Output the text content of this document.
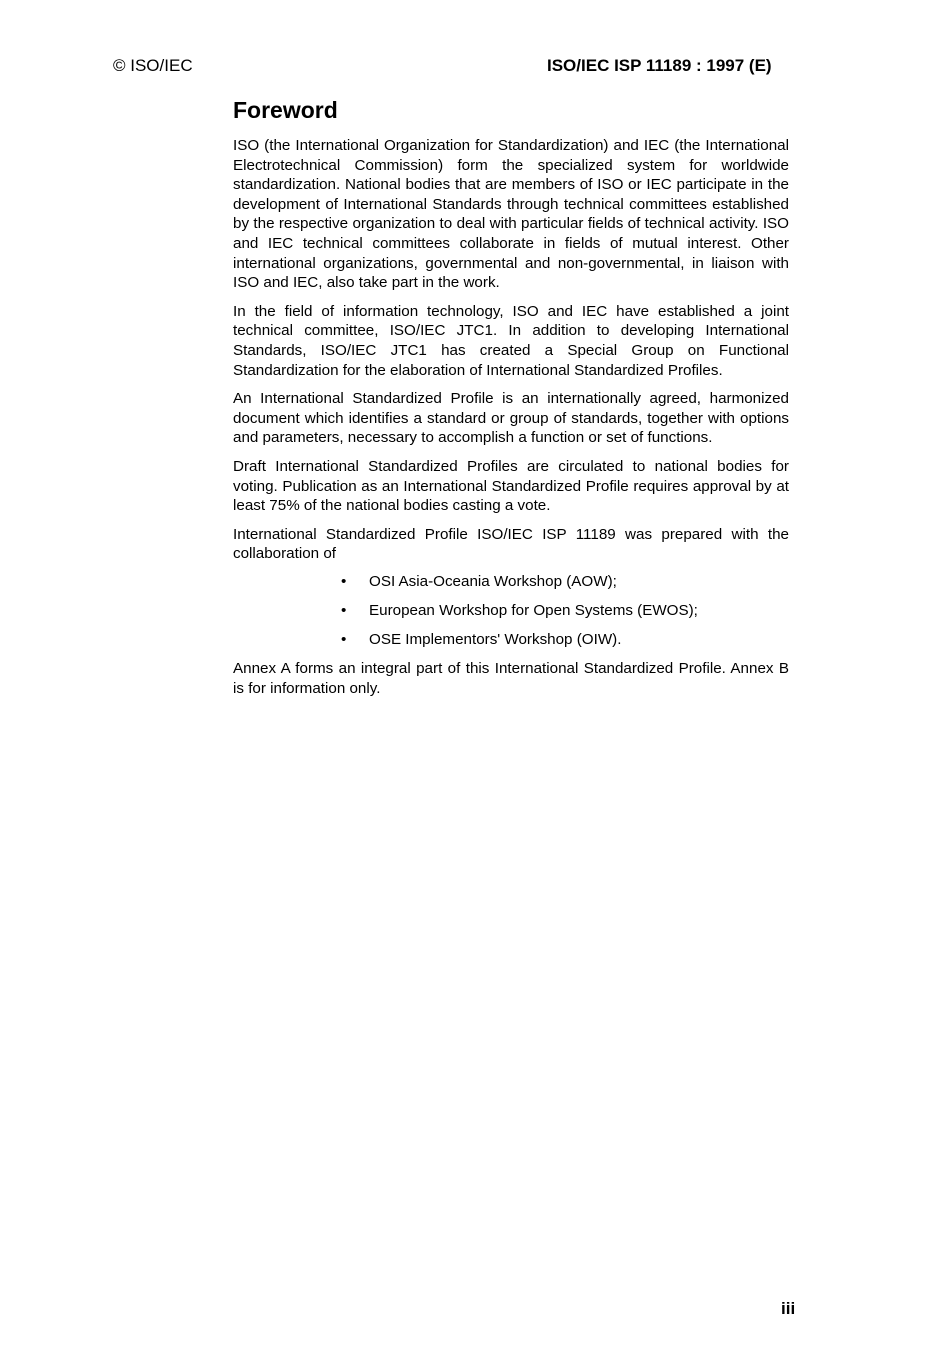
© ISO/IEC	ISO/IEC ISP 11189 : 1997 (E)
Foreword

ISO (the International Organization for Standardization) and IEC (the International Electrotechnical Commission) form the specialized system for worldwide standardization. National bodies that are members of ISO or IEC participate in the development of International Standards through technical committees established by the respective organization to deal with particular fields of technical activity. ISO and IEC technical committees collaborate in fields of mutual interest. Other international organizations, governmental and non-governmental, in liaison with ISO and IEC, also take part in the work.

In the field of information technology, ISO and IEC have established a joint technical committee, ISO/IEC JTC1. In addition to developing International Standards, ISO/IEC JTC1 has created a Special Group on Functional Standardization for the elaboration of International Standardized Profiles.

An International Standardized Profile is an internationally agreed, harmonized document which identifies a standard or group of standards, together with options and parameters, necessary to accomplish a function or set of functions.

Draft International Standardized Profiles are circulated to national bodies for voting. Publication as an International Standardized Profile requires approval by at least 75% of the national bodies casting a vote.

International Standardized Profile ISO/IEC ISP 11189 was prepared with the collaboration of

• OSI Asia-Oceania Workshop (AOW);
• European Workshop for Open Systems (EWOS);
• OSE Implementors' Workshop (OIW).

Annex A forms an integral part of this International Standardized Profile. Annex B is for information only.

iii
